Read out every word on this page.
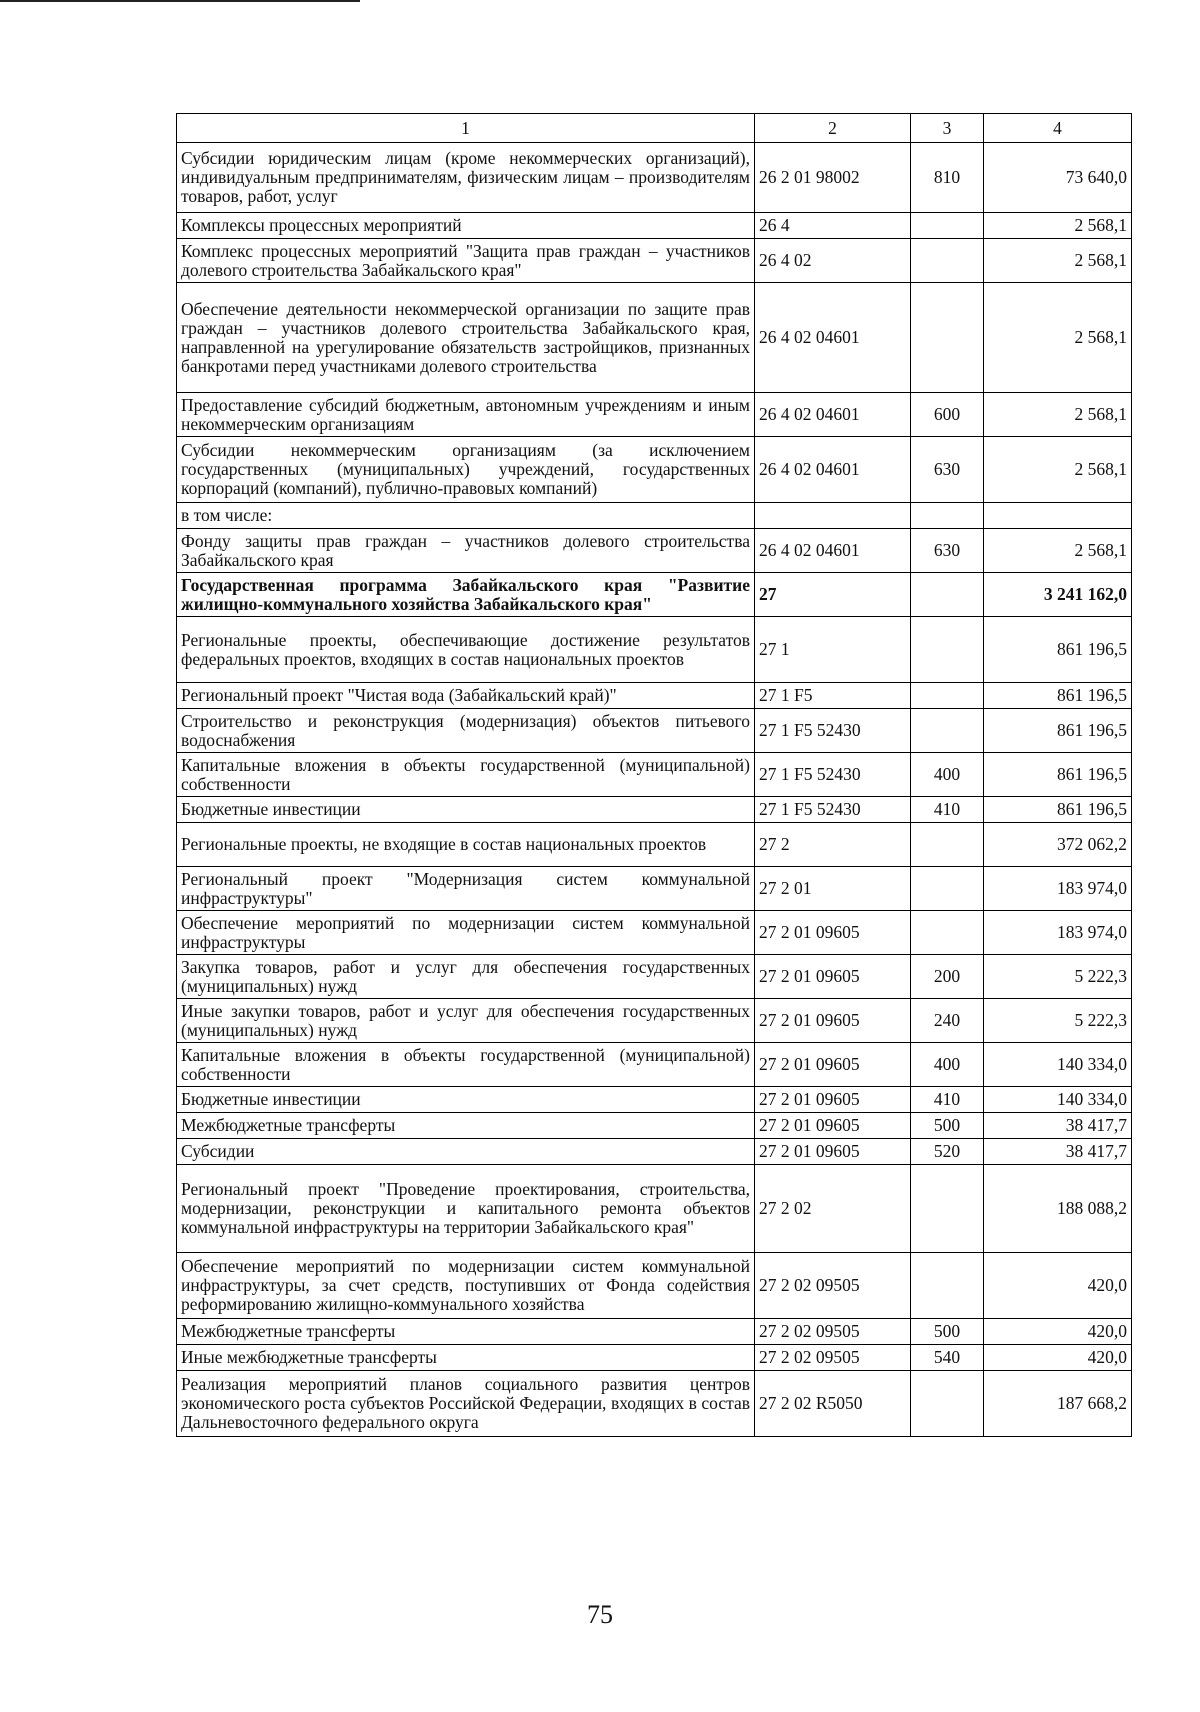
1	2	3	4
Субсидии юридическим лицам (кроме некоммерческих организаций), индивидуальным предпринимателям, физическим лицам – производителям товаров, работ, услуг	26 2 01 98002	810	73 640,0
Комплексы процессных мероприятий	26 4		2 568,1
Комплекс процессных мероприятий "Защита прав граждан – участников долевого строительства Забайкальского края"	26 4 02		2 568,1
Обеспечение деятельности некоммерческой организации по защите прав граждан – участников долевого строительства Забайкальского края, направленной на урегулирование обязательств застройщиков, признанных банкротами перед участниками долевого строительства	26 4 02 04601		2 568,1
Предоставление субсидий бюджетным, автономным учреждениям и иным некоммерческим организациям	26 4 02 04601	600	2 568,1
Субсидии некоммерческим организациям (за исключением государственных (муниципальных) учреждений, государственных корпораций (компаний), публично-правовых компаний)	26 4 02 04601	630	2 568,1
в том числе:			
Фонду защиты прав граждан – участников долевого строительства Забайкальского края	26 4 02 04601	630	2 568,1
Государственная программа Забайкальского края "Развитие жилищно-коммунального хозяйства Забайкальского края"	27		3 241 162,0
Региональные проекты, обеспечивающие достижение результатов федеральных проектов, входящих в состав национальных проектов	27 1		861 196,5
Региональный проект "Чистая вода (Забайкальский край)"	27 1 F5		861 196,5
Строительство и реконструкция (модернизация) объектов питьевого водоснабжения	27 1 F5 52430		861 196,5
Капитальные вложения в объекты государственной (муниципальной) собственности	27 1 F5 52430	400	861 196,5
Бюджетные инвестиции	27 1 F5 52430	410	861 196,5
Региональные проекты, не входящие в состав национальных проектов	27 2		372 062,2
Региональный проект "Модернизация систем коммунальной инфраструктуры"	27 2 01		183 974,0
Обеспечение мероприятий по модернизации систем коммунальной инфраструктуры	27 2 01 09605		183 974,0
Закупка товаров, работ и услуг для обеспечения государственных (муниципальных) нужд	27 2 01 09605	200	5 222,3
Иные закупки товаров, работ и услуг для обеспечения государственных (муниципальных) нужд	27 2 01 09605	240	5 222,3
Капитальные вложения в объекты государственной (муниципальной) собственности	27 2 01 09605	400	140 334,0
Бюджетные инвестиции	27 2 01 09605	410	140 334,0
Межбюджетные трансферты	27 2 01 09605	500	38 417,7
Субсидии	27 2 01 09605	520	38 417,7
Региональный проект "Проведение проектирования, строительства, модернизации, реконструкции и капитального ремонта объектов коммунальной инфраструктуры на территории Забайкальского края"	27 2 02		188 088,2
Обеспечение мероприятий по модернизации систем коммунальной инфраструктуры, за счет средств, поступивших от Фонда содействия реформированию жилищно-коммунального хозяйства	27 2 02 09505		420,0
Межбюджетные трансферты	27 2 02 09505	500	420,0
Иные межбюджетные трансферты	27 2 02 09505	540	420,0
Реализация мероприятий планов социального развития центров экономического роста субъектов Российской Федерации, входящих в состав Дальневосточного федерального округа	27 2 02 R5050		187 668,2
75
